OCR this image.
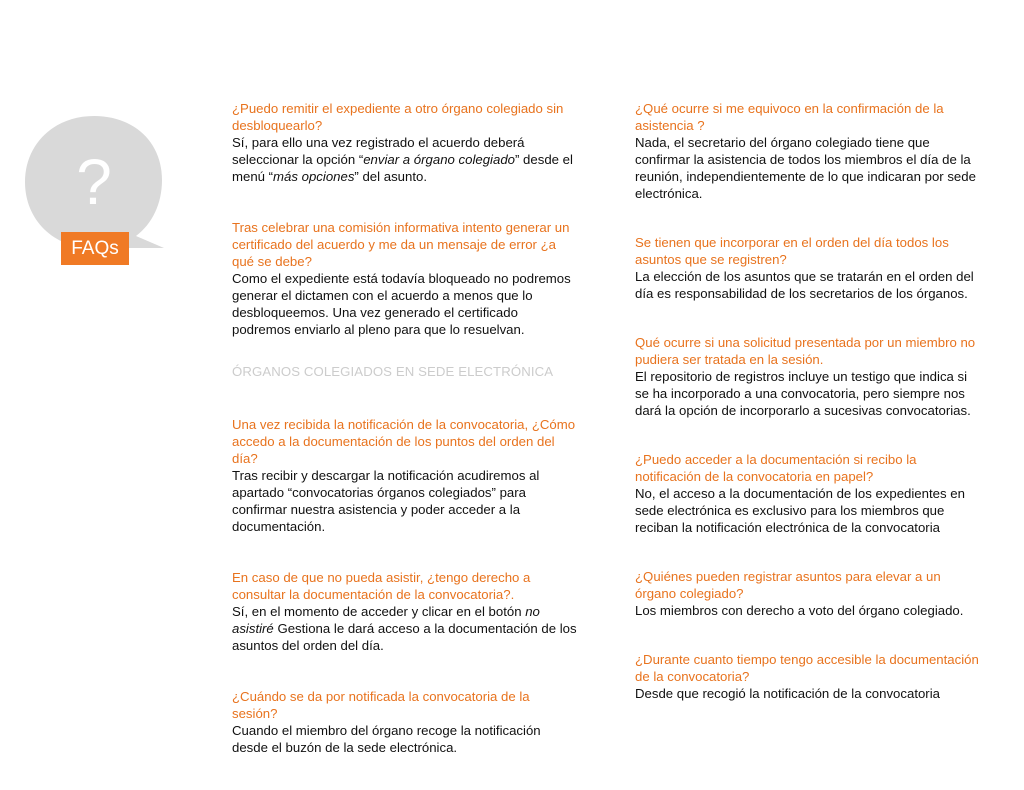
?
FAQs
¿Puedo remitir el expediente a otro órgano colegiado sin desbloquearlo?
Sí, para ello una vez registrado el acuerdo deberá seleccionar la opción “enviar a órgano colegiado” desde el menú “más opciones” del asunto.
Tras celebrar una comisión informativa intento generar un certificado del acuerdo y me da un mensaje de error ¿a qué se debe?
Como el expediente está todavía bloqueado no podremos generar el dictamen con el acuerdo a menos que lo desbloqueemos. Una vez generado el certificado podremos enviarlo al pleno para que lo resuelvan.
ÓRGANOS COLEGIADOS EN SEDE ELECTRÓNICA
Una vez recibida la notificación de la convocatoria, ¿Cómo accedo a la documentación de los puntos del orden del día?
Tras recibir y descargar la notificación acudiremos al apartado “convocatorias órganos colegiados” para confirmar nuestra asistencia y poder acceder a la documentación.
En caso de que no pueda asistir, ¿tengo derecho a consultar la documentación de la convocatoria?.
Sí, en el momento de acceder y clicar en el botón no asistiré Gestiona le dará acceso a la documentación de los asuntos del orden del día.
¿Cuándo se da por notificada la convocatoria de la sesión?
Cuando el miembro del órgano recoge la notificación desde el buzón de la sede electrónica.
¿Qué ocurre si me equivoco en la confirmación de la asistencia ?
Nada, el secretario del órgano colegiado tiene que confirmar la asistencia de todos los miembros el día de la reunión, independientemente de lo que indicaran por sede electrónica.
Se tienen que incorporar en el orden del día todos los asuntos que se registren?
La elección de los asuntos que se tratarán en el orden del día es responsabilidad de los secretarios de los órganos.
Qué ocurre si una solicitud presentada por un miembro no pudiera ser tratada en la sesión.
El repositorio de registros incluye un testigo que indica si se ha incorporado a una convocatoria, pero siempre nos dará la opción de incorporarlo a sucesivas convocatorias.
¿Puedo acceder a la documentación si recibo la notificación de la convocatoria en papel?
No, el acceso a la documentación de los expedientes en sede electrónica es exclusivo para los miembros que reciban la notificación electrónica de la convocatoria
¿Quiénes pueden registrar asuntos para elevar a un órgano colegiado?
Los miembros con derecho a voto del órgano colegiado.
¿Durante cuanto tiempo tengo accesible la documentación de la convocatoria?
Desde que recogió la notificación de la convocatoria
